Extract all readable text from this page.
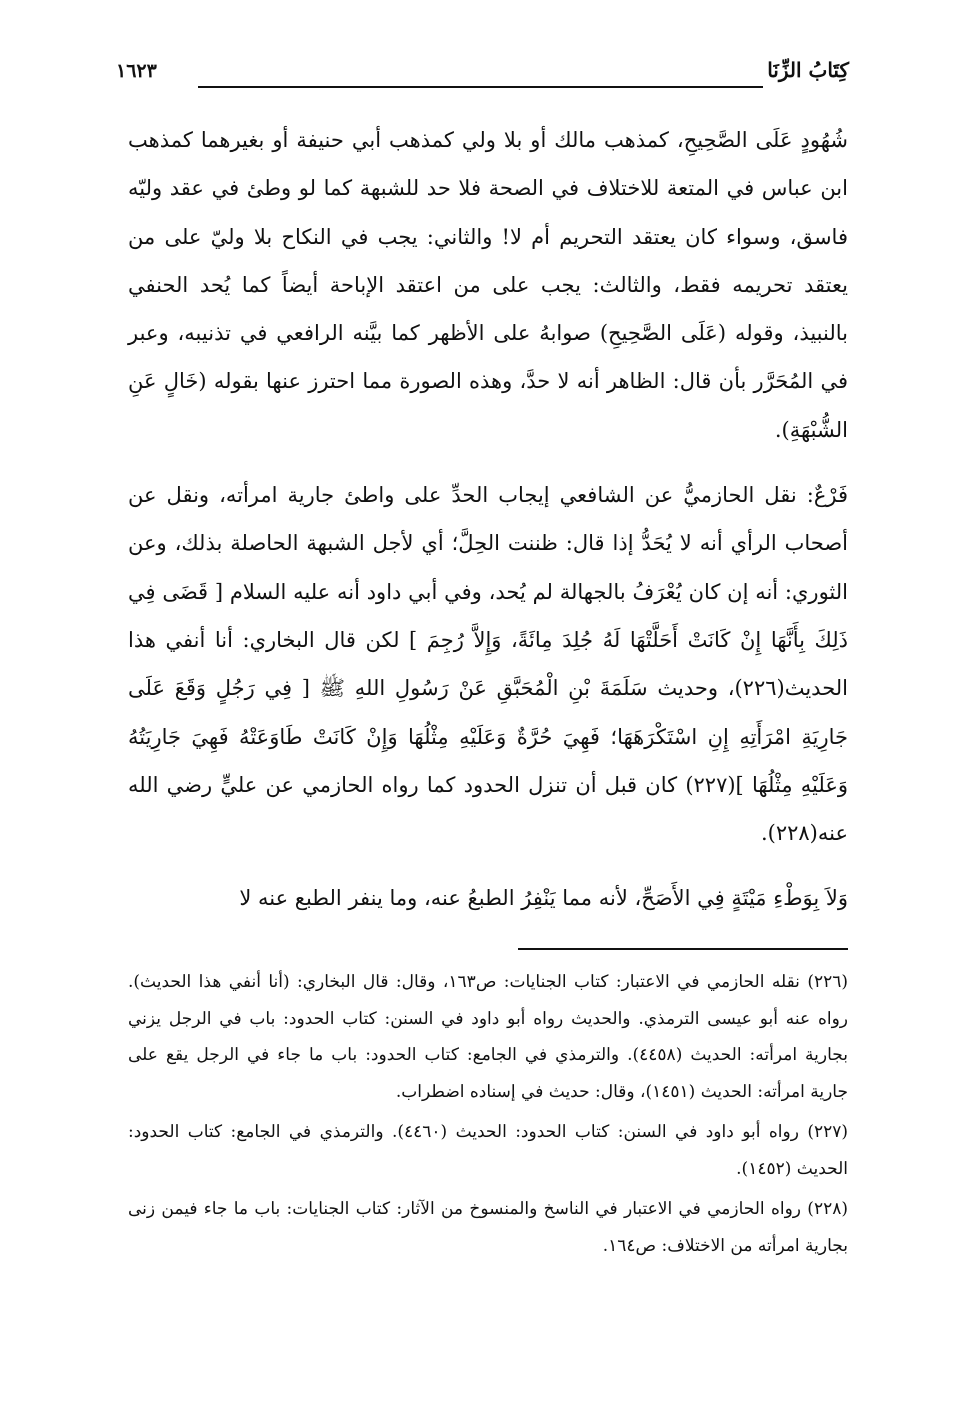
كِتَابُ الزِّنَا
١٦٢٣

شُهُودٍ عَلَى الصَّحِيحِ، كمذهب مالك أو بلا ولي كمذهب أبي حنيفة أو بغيرهما كمذهب ابن عباس في المتعة للاختلاف في الصحة فلا حد للشبهة كما لو وطئ في عقد وليّه فاسق، وسواء كان يعتقد التحريم أم لا! والثاني: يجب في النكاح بلا وليّ على من يعتقد تحريمه فقط، والثالث: يجب على من اعتقد الإباحة أيضاً كما يُحد الحنفي بالنبيذ، وقوله (عَلَى الصَّحِيحِ) صوابهُ على الأظهر كما بيَّنه الرافعي في تذنيبه، وعبر في المُحَرَّر بأن قال: الظاهر أنه لا حدَّ، وهذه الصورة مما احترز عنها بقوله (خَالٍ عَنِ الشُّبْهَةِ).

فَرْعٌ: نقل الحازميُّ عن الشافعي إيجاب الحدِّ على واطئ جارية امرأته، ونقل عن أصحاب الرأي أنه لا يُحَدُّ إذا قال: ظننت الحِلَّ؛ أي لأجل الشبهة الحاصلة بذلك، وعن الثوري: أنه إن كان يُعْرَفُ بالجهالة لم يُحد، وفي أبي داود أنه عليه السلام [ قَضَى فِي ذَلِكَ بِأَنَّهَا إِنْ كَانَتْ أَحَلَّتْهَا لَهُ جُلِدَ مِائَةً، وَإِلاَّ رُجِمَ ] لكن قال البخاري: أنا أنفي هذا الحديث(٢٢٦)، وحديث سَلَمَةَ بْنِ الْمُحَبَّقِ عَنْ رَسُولِ اللهِ ﷺ [ فِي رَجُلٍ وَقَعَ عَلَى جَارِيَةِ امْرَأَتِهِ إِنِ اسْتَكْرَهَهَا؛ فَهِيَ حُرَّةٌ وَعَلَيْهِ مِثْلُهَا وَإِنْ كَانَتْ طَاوَعَتْهُ فَهِيَ جَارِيَتُهُ وَعَلَيْهِ مِثْلُهَا ](٢٢٧) كان قبل أن تنزل الحدود كما رواه الحازمي عن عليٍّ رضي الله عنه(٢٢٨).

وَلاَ بِوَطْءِ مَيْتَةٍ فِي الأَصَحِّ، لأنه مما يَنْفِرُ الطبعُ عنه، وما ينفر الطبع عنه لا

(٢٢٦) نقله الحازمي في الاعتبار: كتاب الجنايات: ص١٦٣، وقال: قال البخاري: (أنا أنفي هذا الحديث). رواه عنه أبو عيسى الترمذي. والحديث رواه أبو داود في السنن: كتاب الحدود: باب في الرجل يزني بجارية امرأته: الحديث (٤٤٥٨). والترمذي في الجامع: كتاب الحدود: باب ما جاء في الرجل يقع على جارية امرأته: الحديث (١٤٥١)، وقال: حديث في إسناده اضطراب.

(٢٢٧) رواه أبو داود في السنن: كتاب الحدود: الحديث (٤٤٦٠). والترمذي في الجامع: كتاب الحدود: الحديث (١٤٥٢).

(٢٢٨) رواه الحازمي في الاعتبار في الناسخ والمنسوخ من الآثار: كتاب الجنايات: باب ما جاء فيمن زنى بجارية امرأته من الاختلاف: ص١٦٤.
